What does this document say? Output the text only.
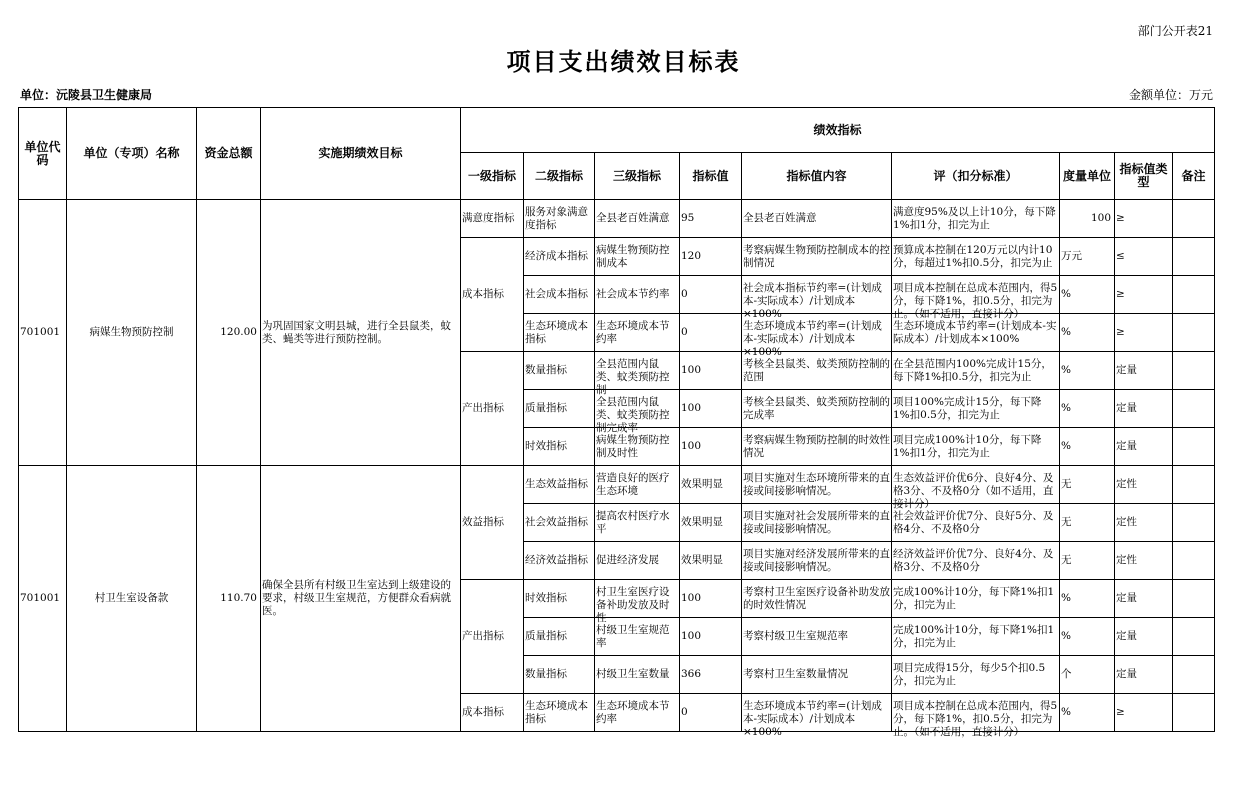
部门公开表21
项目支出绩效目标表
单位：沅陵县卫生健康局	金额单位：万元
单位代码	单位（专项）名称	资金总额	实施期绩效目标	绩效指标								
				一级指标	二级指标	三级指标	指标值	指标值内容	评（扣分标准）	度量单位	指标值类型	备注
701001	病媒生物预防控制	120.00	为巩固国家文明县城，进行全县鼠类，蚊类、蝇类等进行预防控制。	满意度指标	服务对象满意度指标	全县老百姓满意	95	全县老百姓满意	满意度95%及以上计10分，每下降1%扣1分，扣完为止	100	≥	
				成本指标	经济成本指标	病媒生物预防控制成本	120	考察病媒生物预防控制成本的控制情况	预算成本控制在120万元以内计10分，每超过1%扣0.5分，扣完为止	万元	≤	

					社会成本指标	社会成本节约率	0	社会成本指标节约率=(计划成本-实际成本）/计划成本×100%	项目成本控制在总成本范围内，得5分，每下降1%，扣0.5分，扣完为止。（如不适用，直接计分）	%	≥	

					生态环境成本指标	生态环境成本节约率	0	生态环境成本节约率=(计划成本-实际成本）/计划成本×100%	生态环境成本节约率=(计划成本-实际成本）/计划成本×100%	%	≥	
				产出指标	数量指标	全县范围内鼠类、蚊类预防控制	100	考核全县鼠类、蚊类预防控制的范围	在全县范围内100%完成计15分，每下降1%扣0.5分，扣完为止	%	定量	

					质量指标	全县范围内鼠类、蚊类预防控制完成率	100	考核全县鼠类、蚊类预防控制的完成率	项目100%完成计15分，每下降1%扣0.5分，扣完为止	%	定量	

					时效指标	病媒生物预防控制及时性	100	考察病媒生物预防控制的时效性情况	项目完成100%计10分，每下降1%扣1分，扣完为止	%	定量	
701001	村卫生室设备款	110.70	确保全县所有村级卫生室达到上级建设的要求，村级卫生室规范，方便群众看病就医。	效益指标	生态效益指标	营造良好的医疗生态环境	效果明显	项目实施对生态环境所带来的直接或间接影响情况。	生态效益评价优6分、良好4分、及格3分、不及格0分（如不适用，直接计分）	无	定性	

					社会效益指标	提高农村医疗水平	效果明显	项目实施对社会发展所带来的直接或间接影响情况。	社会效益评价优7分、良好5分、及格4分、不及格0分	无	定性	

					经济效益指标	促进经济发展	效果明显	项目实施对经济发展所带来的直接或间接影响情况。	经济效益评价优7分、良好4分、及格3分、不及格0分	无	定性	
				产出指标	时效指标	村卫生室医疗设备补助发放及时性	100	考察村卫生室医疗设备补助发放的时效性情况	完成100%计10分，每下降1%扣1分，扣完为止	%	定量	

					质量指标	村级卫生室规范率	100	考察村级卫生室规范率	完成100%计10分，每下降1%扣1分，扣完为止	%	定量	

					数量指标	村级卫生室数量	366	考察村卫生室数量情况	项目完成得15分，每少5个扣0.5分，扣完为止	个	定量	
				成本指标	生态环境成本指标	生态环境成本节约率	0	生态环境成本节约率=(计划成本-实际成本）/计划成本×100%	项目成本控制在总成本范围内，得5分，每下降1%，扣0.5分，扣完为止。（如不适用，直接计分）	%	≥	
